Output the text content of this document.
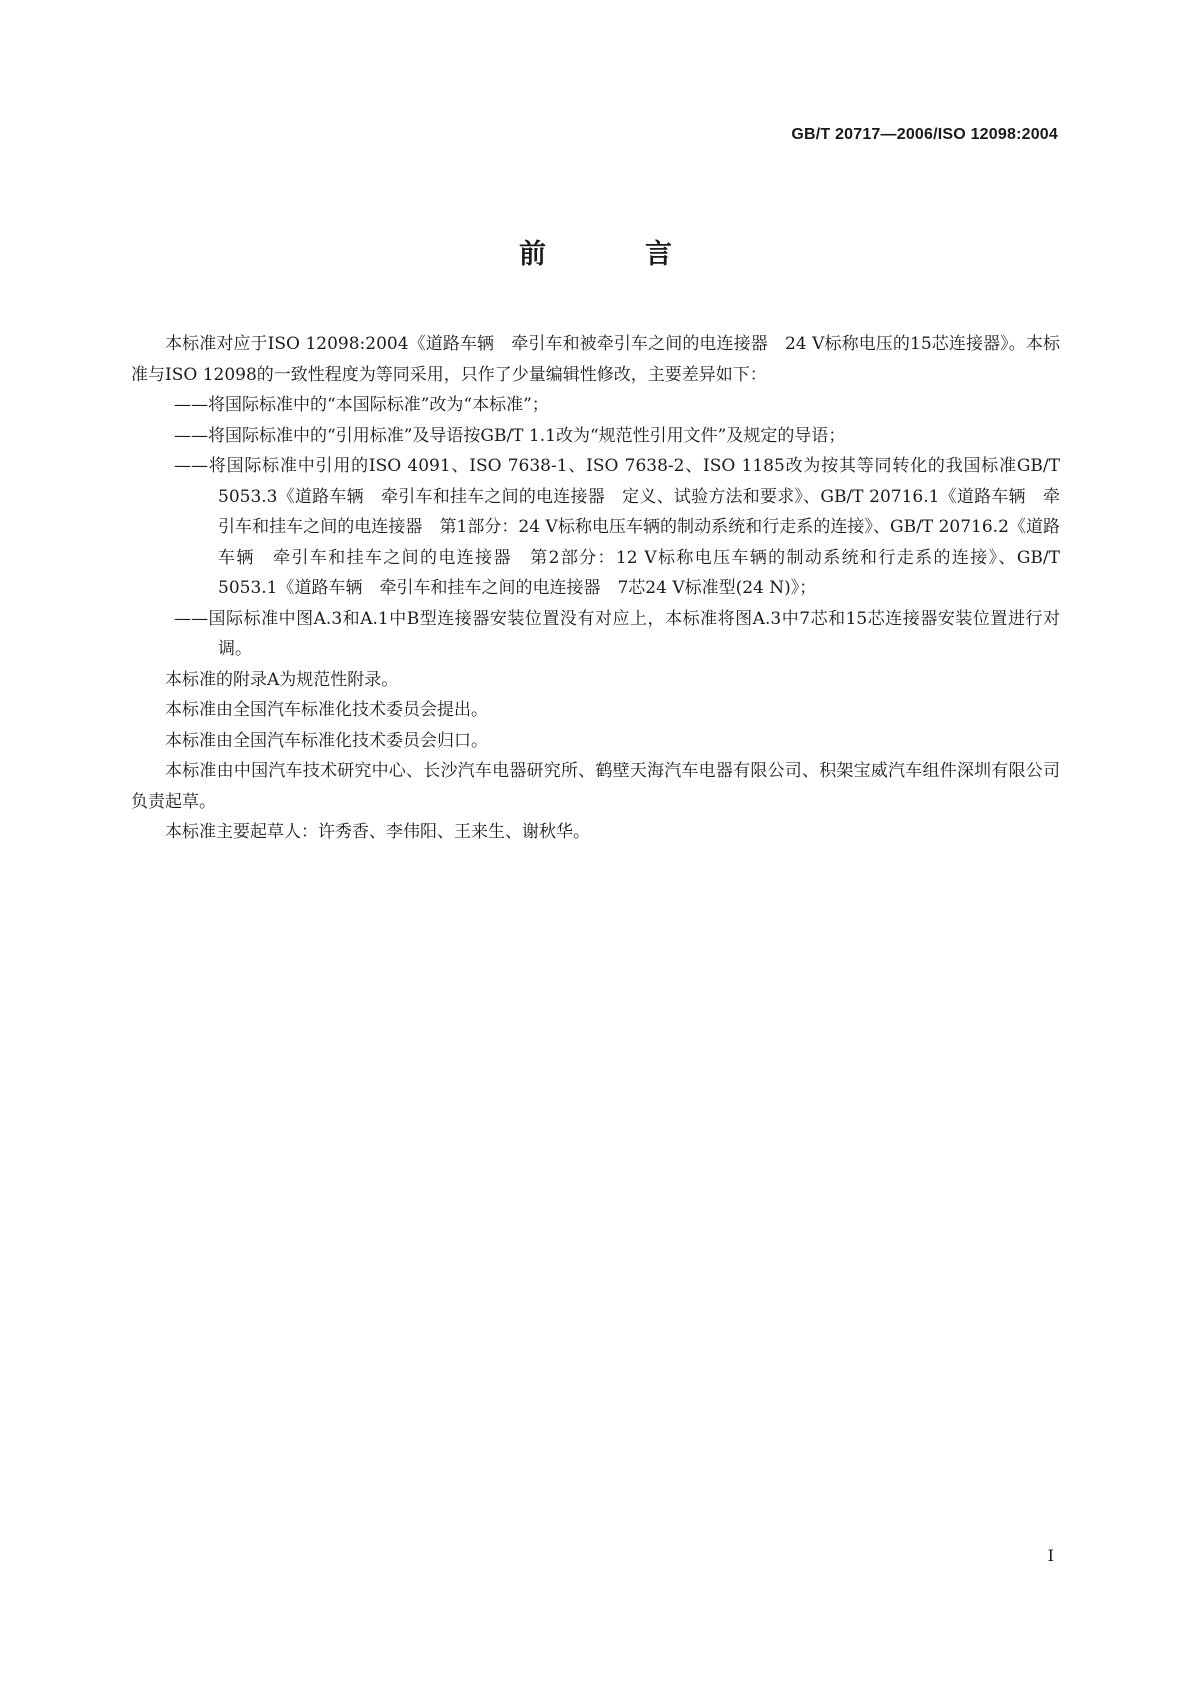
GB/T 20717—2006/ISO 12098:2004
前　言

本标准对应于ISO 12098:2004《道路车辆　牵引车和被牵引车之间的电连接器　24 V标称电压的15芯连接器》。本标准与ISO 12098的一致性程度为等同采用，只作了少量编辑性修改，主要差异如下：

——将国际标准中的“本国际标准”改为“本标准”；

——将国际标准中的“引用标准”及导语按GB/T 1.1改为“规范性引用文件”及规定的导语；

——将国际标准中引用的ISO 4091、ISO 7638-1、ISO 7638-2、ISO 1185改为按其等同转化的我国标准GB/T 5053.3《道路车辆　牵引车和挂车之间的电连接器　定义、试验方法和要求》、GB/T 20716.1《道路车辆　牵引车和挂车之间的电连接器　第1部分：24 V标称电压车辆的制动系统和行走系的连接》、GB/T 20716.2《道路车辆　牵引车和挂车之间的电连接器　第2部分：12 V标称电压车辆的制动系统和行走系的连接》、GB/T 5053.1《道路车辆　牵引车和挂车之间的电连接器　7芯24 V标准型(24 N)》；

——国际标准中图A.3和A.1中B型连接器安装位置没有对应上，本标准将图A.3中7芯和15芯连接器安装位置进行对调。

本标准的附录A为规范性附录。

本标准由全国汽车标准化技术委员会提出。

本标准由全国汽车标准化技术委员会归口。

本标准由中国汽车技术研究中心、长沙汽车电器研究所、鹤壁天海汽车电器有限公司、积架宝威汽车组件深圳有限公司负责起草。

本标准主要起草人：许秀香、李伟阳、王来生、谢秋华。

I
